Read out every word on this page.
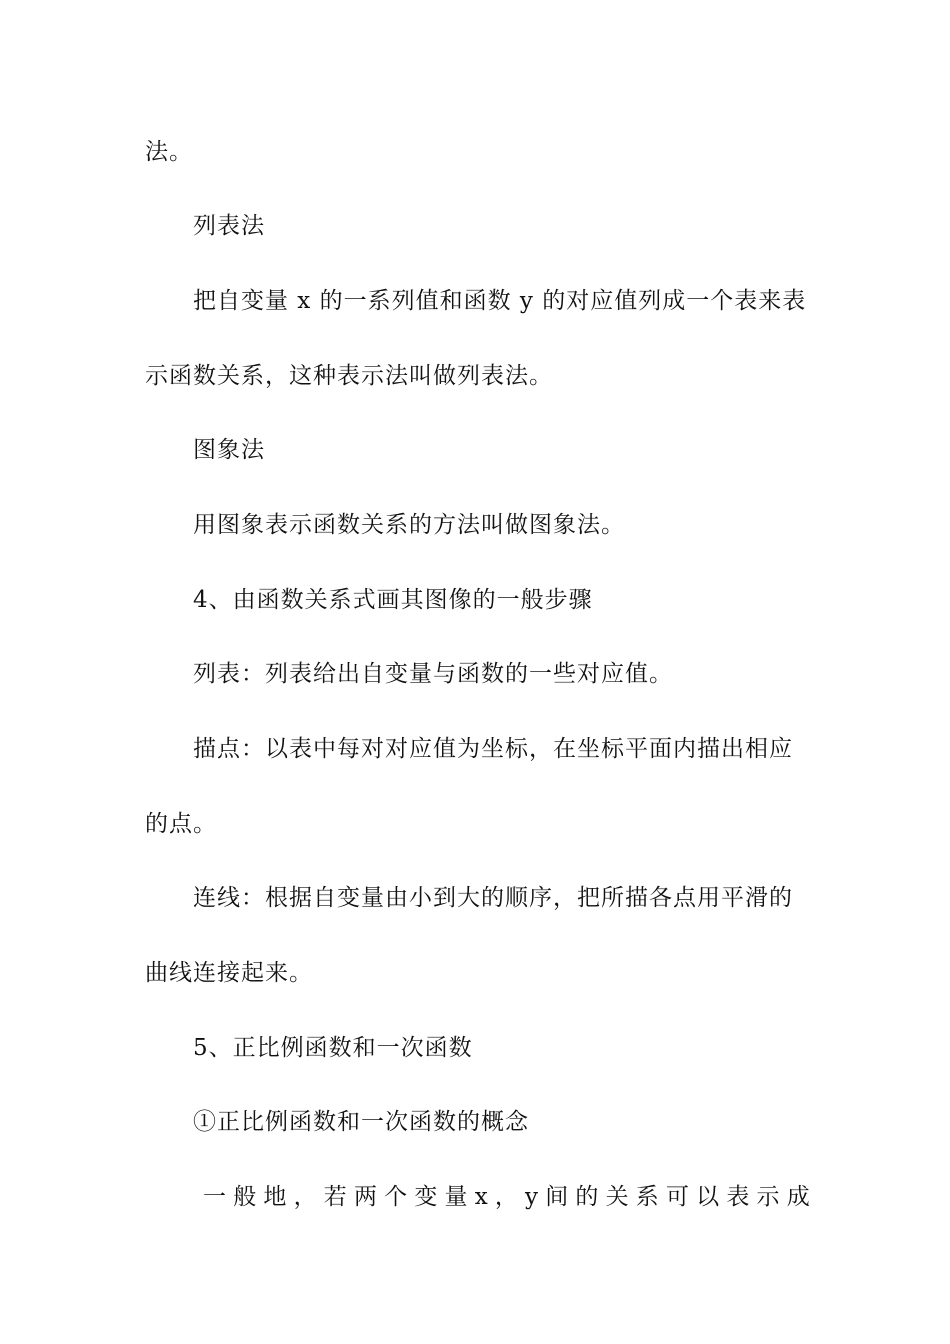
法。
列表法
把自变量 x 的一系列值和函数 y 的对应值列成一个表来表
示函数关系，这种表示法叫做列表法。
图象法
用图象表示函数关系的方法叫做图象法。
4、由函数关系式画其图像的一般步骤
列表：列表给出自变量与函数的一些对应值。
描点：以表中每对对应值为坐标，在坐标平面内描出相应
的点。
连线：根据自变量由小到大的顺序，把所描各点用平滑的
曲线连接起来。
5、正比例函数和一次函数
①正比例函数和一次函数的概念
一 般 地 ， 若 两 个 变 量 x ， y 间 的 关 系 可 以 表 示 成
